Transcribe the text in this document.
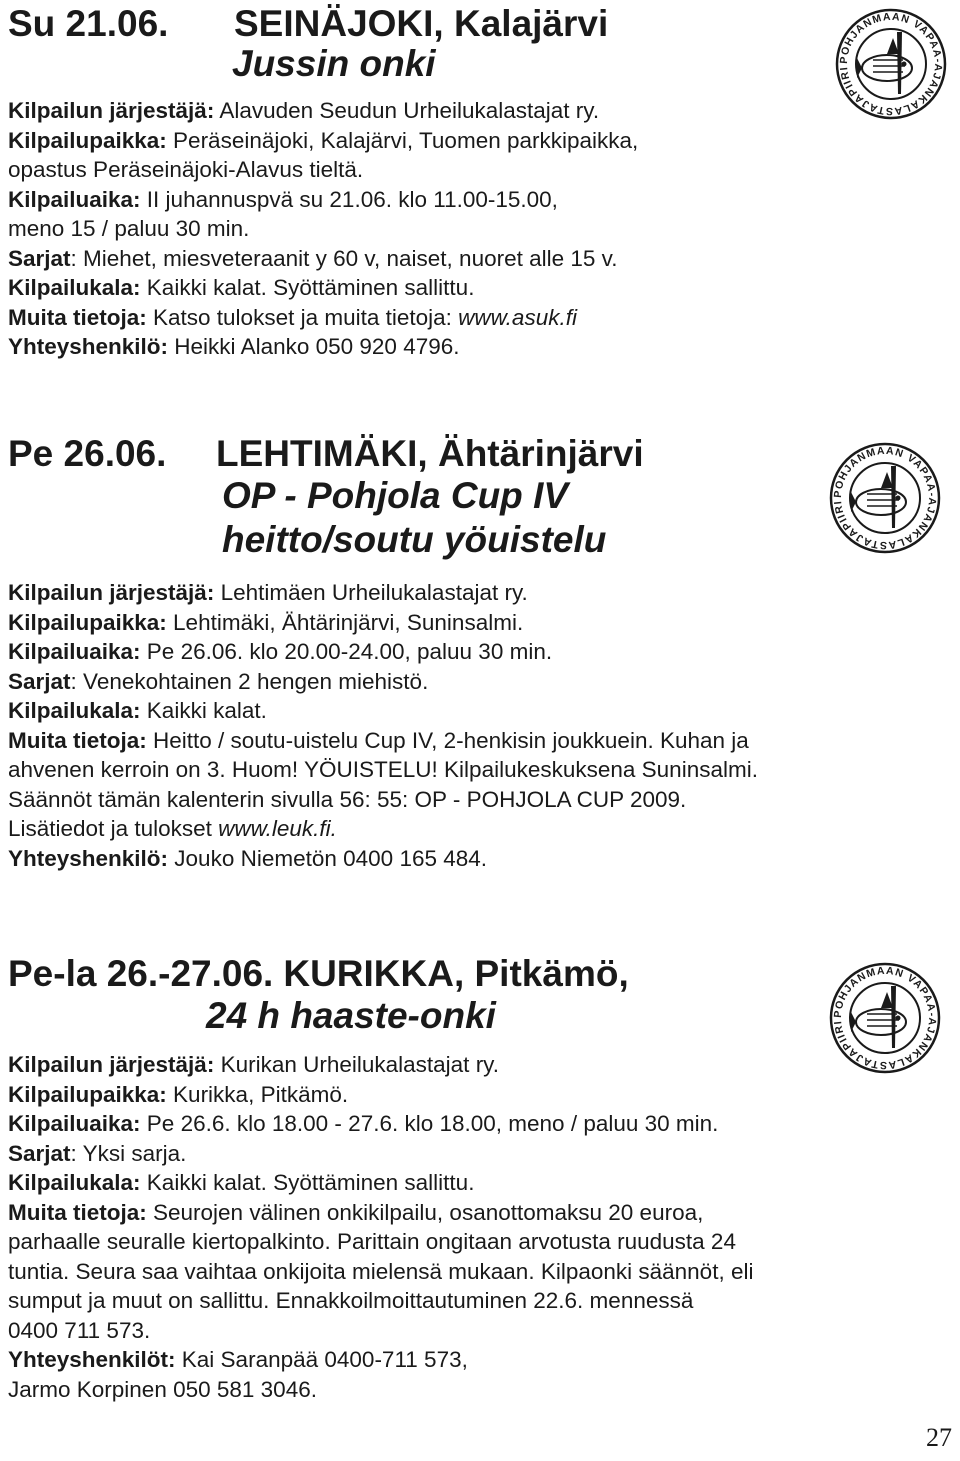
Su 21.06. SEINÄJOKI, Kalajärvi
Jussin onki
Kilpailun järjestäjä: Alavuden Seudun Urheilukalastajat ry.
Kilpailupaikka: Peräseinäjoki, Kalajärvi, Tuomen parkkipaikka,
opastus Peräseinäjoki-Alavus tieltä.
Kilpailuaika: II juhannuspvä su 21.06. klo 11.00-15.00,
meno 15 / paluu 30 min.
Sarjat: Miehet, miesveteraanit y 60 v, naiset, nuoret alle 15 v.
Kilpailukala: Kaikki kalat. Syöttäminen sallittu.
Muita tietoja: Katso tulokset ja muita tietoja: www.asuk.fi
Yhteyshenkilö: Heikki Alanko 050 920 4796.
Pe 26.06. LEHTIMÄKI, Ähtärinjärvi
OP - Pohjola Cup IV
heitto/soutu yöuistelu
Kilpailun järjestäjä: Lehtimäen Urheilukalastajat ry.
Kilpailupaikka: Lehtimäki, Ähtärinjärvi, Suninsalmi.
Kilpailuaika: Pe 26.06. klo 20.00-24.00, paluu 30 min.
Sarjat: Venekohtainen 2 hengen miehistö.
Kilpailukala: Kaikki kalat.
Muita tietoja: Heitto / soutu-uistelu Cup IV, 2-henkisin joukkuein. Kuhan ja
ahvenen kerroin on 3. Huom! YÖUISTELU! Kilpailukeskuksena Suninsalmi.
Säännöt tämän kalenterin sivulla 56: 55: OP - POHJOLA CUP 2009.
Lisätiedot ja tulokset www.leuk.fi.
Yhteyshenkilö: Jouko Niemetön 0400 165 484.
Pe-la 26.-27.06. KURIKKA, Pitkämö,
24 h haaste-onki
Kilpailun järjestäjä: Kurikan Urheilukalastajat ry.
Kilpailupaikka: Kurikka, Pitkämö.
Kilpailuaika: Pe 26.6. klo 18.00 - 27.6. klo 18.00, meno / paluu 30 min.
Sarjat: Yksi sarja.
Kilpailukala: Kaikki kalat. Syöttäminen sallittu.
Muita tietoja: Seurojen välinen onkikilpailu, osanottomaksu 20 euroa,
parhaalle seuralle kiertopalkinto. Parittain ongitaan arvotusta ruudusta 24
tuntia. Seura saa vaihtaa onkijoita mielensä mukaan. Kilpaonki säännöt, eli
sumput ja muut on sallittu. Ennakkoilmoittautuminen 22.6. mennessä
0400 711 573.
Yhteyshenkilöt: Kai Saranpää 0400-711 573,
Jarmo Korpinen 050 581 3046.
POHJANMAAN VAPAA-AJANKALASTAJAPIIRI
POHJANMAAN VAPAA-AJANKALASTAJAPIIRI
POHJANMAAN VAPAA-AJANKALASTAJAPIIRI
27
